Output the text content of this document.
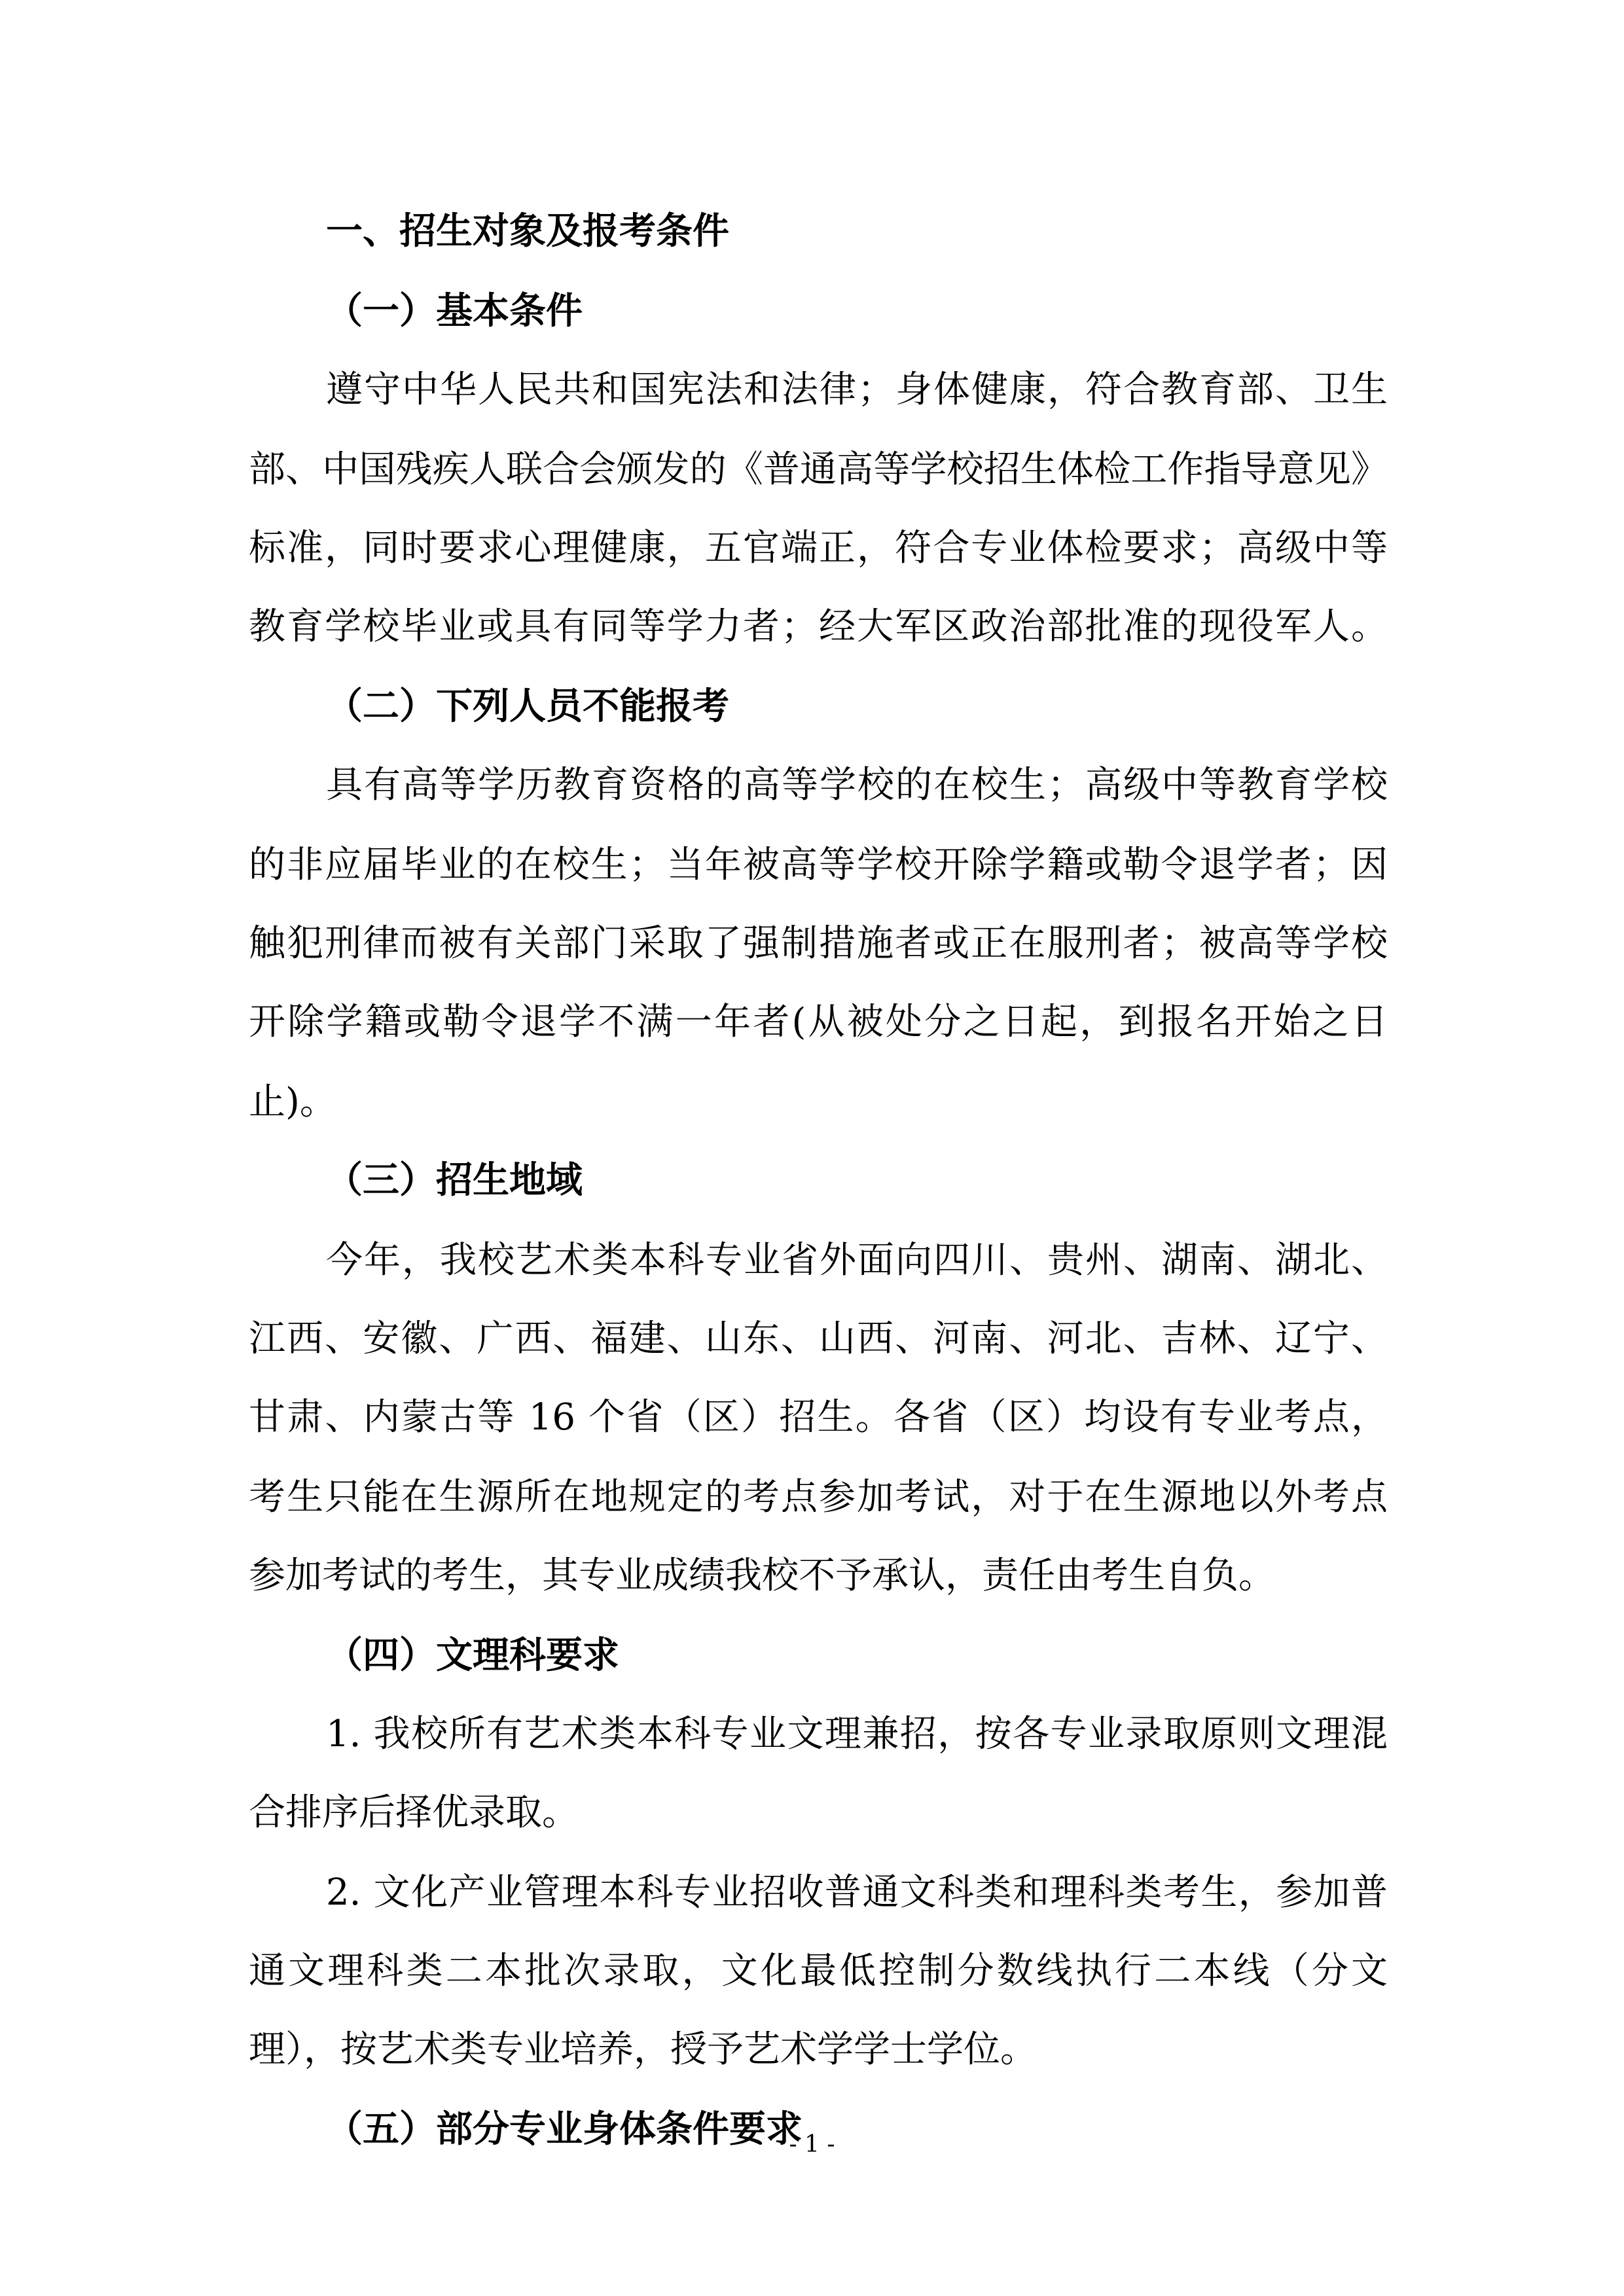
一、招生对象及报考条件
（一）基本条件
遵守中华人民共和国宪法和法律；身体健康，符合教育部、卫生
部、中国残疾人联合会颁发的《普通高等学校招生体检工作指导意见》
标准，同时要求心理健康，五官端正，符合专业体检要求；高级中等
教育学校毕业或具有同等学力者；经大军区政治部批准的现役军人。
（二）下列人员不能报考
具有高等学历教育资格的高等学校的在校生；高级中等教育学校
的非应届毕业的在校生；当年被高等学校开除学籍或勒令退学者；因
触犯刑律而被有关部门采取了强制措施者或正在服刑者；被高等学校
开除学籍或勒令退学不满一年者(从被处分之日起，到报名开始之日
止)。
（三）招生地域
今年，我校艺术类本科专业省外面向四川、贵州、湖南、湖北、
江西、安徽、广西、福建、山东、山西、河南、河北、吉林、辽宁、
甘肃、内蒙古等 16 个省（区）招生。各省（区）均设有专业考点，
考生只能在生源所在地规定的考点参加考试，对于在生源地以外考点
参加考试的考生，其专业成绩我校不予承认，责任由考生自负。
（四）文理科要求
1. 我校所有艺术类本科专业文理兼招，按各专业录取原则文理混
合排序后择优录取。
2. 文化产业管理本科专业招收普通文科类和理科类考生，参加普
通文理科类二本批次录取，文化最低控制分数线执行二本线（分文
理），按艺术类专业培养，授予艺术学学士学位。
（五）部分专业身体条件要求
- 1 -
